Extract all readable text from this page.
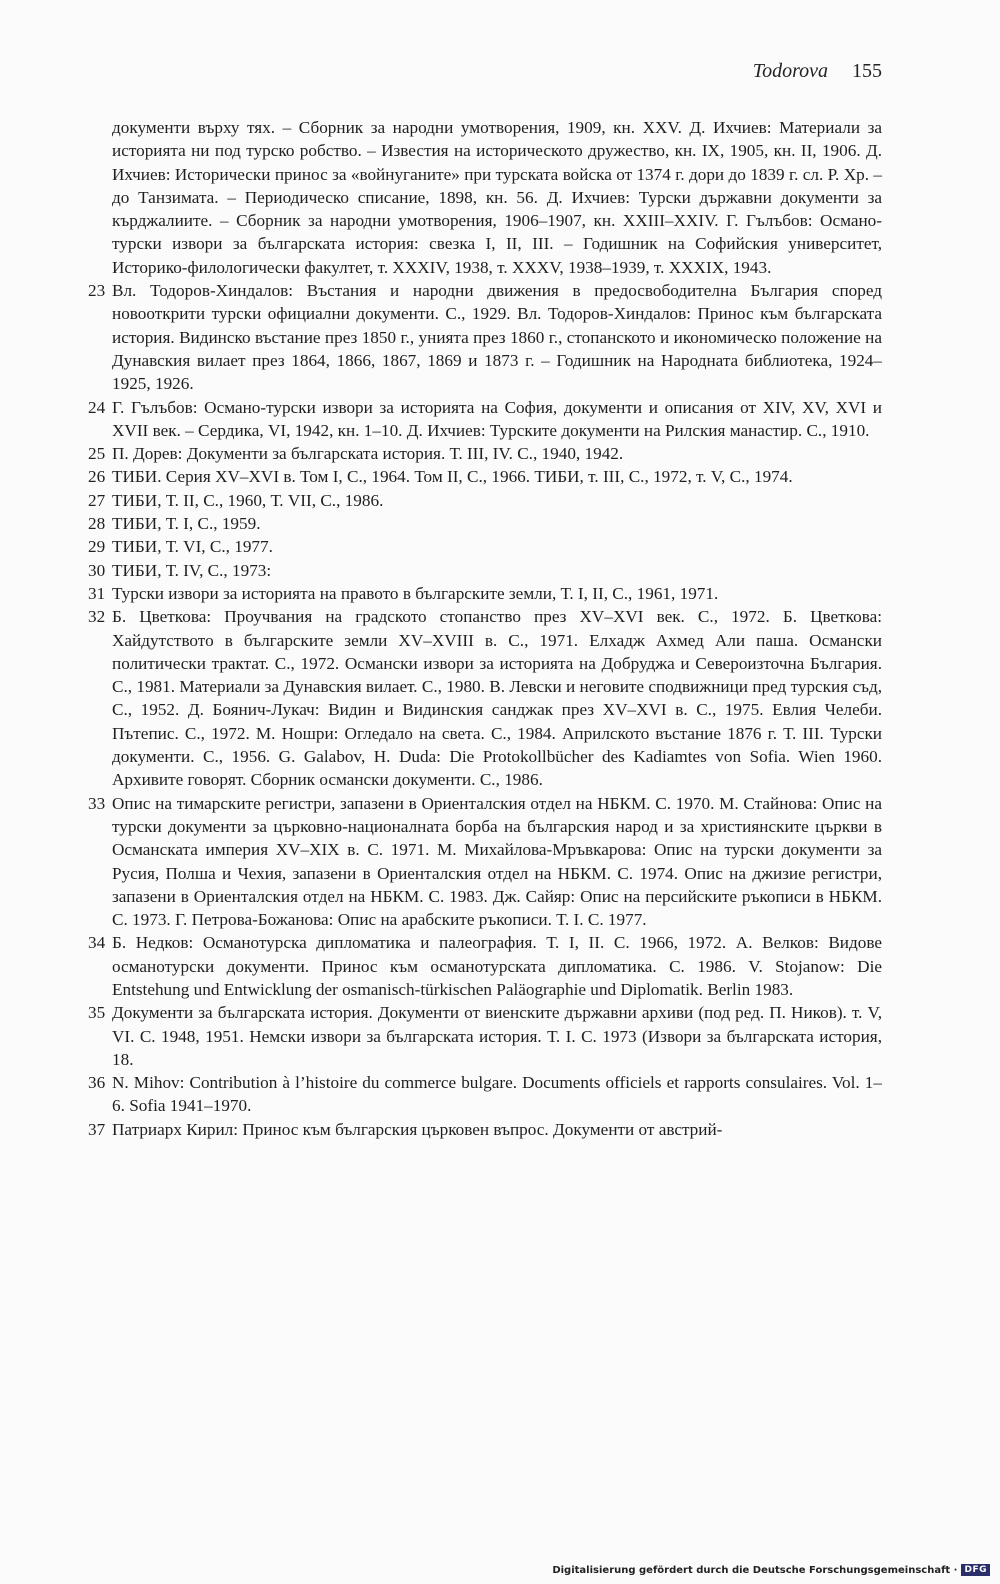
Todorova 155
документи върху тях. – Сборник за народни умотворения, 1909, кн. XXV. Д. Ихчиев: Материали за историята ни под турско робство. – Известия на историческото дружество, кн. IX, 1905, кн. II, 1906. Д. Ихчиев: Исторически принос за «войнуганите» при турската войска от 1374 г. дори до 1839 г. сл. Р. Хр. – до Танзимата. – Периодическо списание, 1898, кн. 56. Д. Ихчиев: Турски държавни документи за кърджалиите. – Сборник за народни умотворения, 1906–1907, кн. XXIII–XXIV. Г. Гълъбов: Османо-турски извори за българската история: свезка I, II, III. – Годишник на Софийския университет, Историко-филологически факултет, т. XXXIV, 1938, т. XXXV, 1938–1939, т. XXXIX, 1943.
23 Вл. Тодоров-Хиндалов: Въстания и народни движения в предосвободителна България според новооткрити турски официални документи. С., 1929. Вл. Тодоров-Хиндалов: Принос към българската история. Видинско въстание през 1850 г., унията през 1860 г., стопанското и икономическо положение на Дунавския вилает през 1864, 1866, 1867, 1869 и 1873 г. – Годишник на Народната библиотека, 1924–1925, 1926.
24 Г. Гълъбов: Османо-турски извори за историята на София, документи и описания от XIV, XV, XVI и XVII век. – Сердика, VI, 1942, кн. 1–10. Д. Ихчиев: Турските документи на Рилския манастир. С., 1910.
25 П. Дорев: Документи за българската история. Т. III, IV. С., 1940, 1942.
26 ТИБИ. Серия XV–XVI в. Том I, С., 1964. Том II, С., 1966. ТИБИ, т. III, С., 1972, т. V, С., 1974.
27 ТИБИ, Т. II, С., 1960, Т. VII, С., 1986.
28 ТИБИ, Т. I, С., 1959.
29 ТИБИ, Т. VI, С., 1977.
30 ТИБИ, Т. IV, С., 1973:
31 Турски извори за историята на правото в българските земли, Т. I, II, С., 1961, 1971.
32 Б. Цветкова: Проучвания на градското стопанство през XV–XVI век. С., 1972. Б. Цветкова: Хайдутството в българските земли XV–XVIII в. С., 1971. Елхадж Ахмед Али паша. Османски политически трактат. С., 1972. Османски извори за историята на Добруджа и Североизточна България. С., 1981. Материали за Дунавския вилает. С., 1980. В. Левски и неговите сподвижници пред турския съд, С., 1952. Д. Боянич-Лукач: Видин и Видинския санджак през XV–XVI в. С., 1975. Евлия Челеби. Пътепис. С., 1972. М. Ношри: Огледало на света. С., 1984. Априлското въстание 1876 г. Т. III. Турски документи. С., 1956. G. Galabov, H. Duda: Die Protokollbücher des Kadiamtes von Sofia. Wien 1960. Архивите говорят. Сборник османски документи. С., 1986.
33 Опис на тимарските регистри, запазени в Ориенталския отдел на НБКМ. С. 1970. М. Стайнова: Опис на турски документи за църковно-националната борба на българския народ и за християнските църкви в Османската империя XV–XIX в. С. 1971. М. Михайлова-Мръвкарова: Опис на турски документи за Русия, Полша и Чехия, запазени в Ориенталския отдел на НБКМ. С. 1974. Опис на джизие регистри, запазени в Ориенталския отдел на НБКМ. С. 1983. Дж. Сайяр: Опис на персийските ръкописи в НБКМ. С. 1973. Г. Петрова-Божанова: Опис на арабските ръкописи. Т. I. С. 1977.
34 Б. Недков: Османотурска дипломатика и палеография. Т. I, II. С. 1966, 1972. А. Велков: Видове османотурски документи. Принос към османотурската дипломатика. С. 1986. V. Stojanow: Die Entstehung und Entwicklung der osmanisch-türkischen Paläographie und Diplomatik. Berlin 1983.
35 Документи за българската история. Документи от виенските държавни архиви (под ред. П. Ников). т. V, VI. С. 1948, 1951. Немски извори за българската история. Т. I. С. 1973 (Извори за българската история, 18.
36 N. Mihov: Contribution à l’histoire du commerce bulgare. Documents officiels et rapports consulaires. Vol. 1–6. Sofia 1941–1970.
37 Патриарх Кирил: Принос към българския църковен въпрос. Документи от австрий-
Digitalisierung gefördert durch die Deutsche Forschungsgemeinschaft · DFG
